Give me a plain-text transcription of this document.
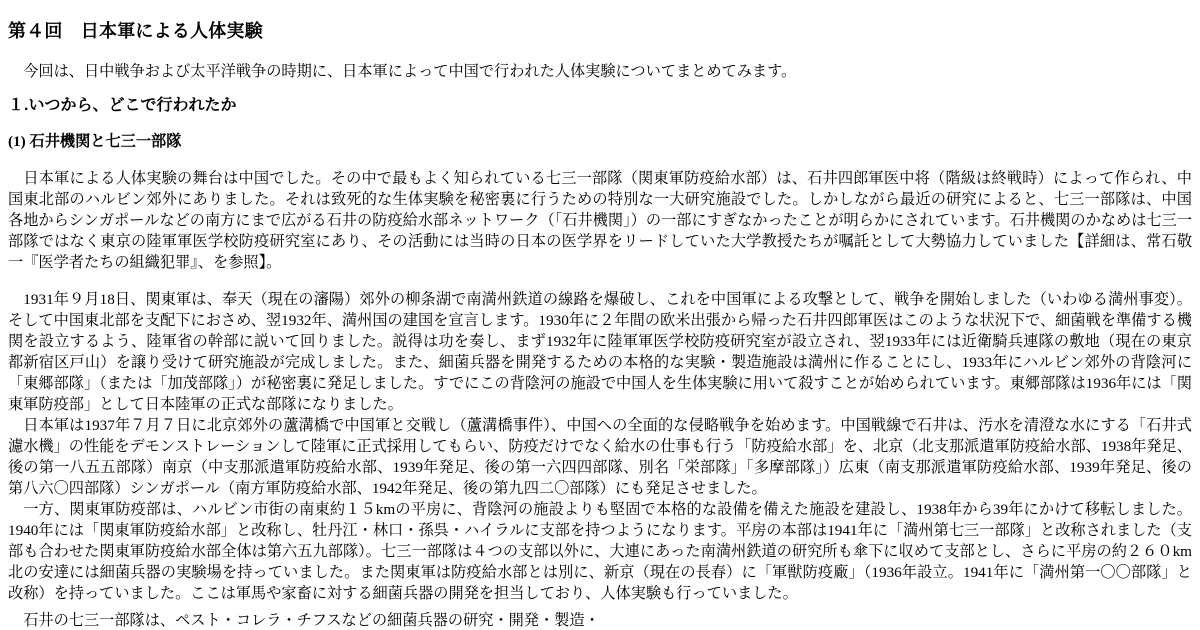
第４回　日本軍による人体実験

　今回は、日中戦争および太平洋戦争の時期に、日本軍によって中国で行われた人体実験についてまとめてみます。

１.いつから、どこで行われたか
(1) 石井機関と七三一部隊

　日本軍による人体実験の舞台は中国でした。その中で最もよく知られている七三一部隊（関東軍防疫給水部）は、石井四郎軍医中将（階級は終戦時）によって作られ、中国東北部のハルビン郊外にありました。それは致死的な生体実験を秘密裏に行うための特別な一大研究施設でした。しかしながら最近の研究によると、七三一部隊は、中国各地からシンガポールなどの南方にまで広がる石井の防疫給水部ネットワーク（「石井機関」）の一部にすぎなかったことが明らかにされています。石井機関のかなめは七三一部隊ではなく東京の陸軍軍医学校防疫研究室にあり、その活動には当時の日本の医学界をリードしていた大学教授たちが嘱託として大勢協力していました【詳細は、常石敬一『医学者たちの組織犯罪』、を参照】。

　1931年９月18日、関東軍は、奉天（現在の瀋陽）郊外の柳条湖で南満州鉄道の線路を爆破し、これを中国軍による攻撃として、戦争を開始しました（いわゆる満州事変）。そして中国東北部を支配下におさめ、翌1932年、満州国の建国を宣言します。1930年に２年間の欧米出張から帰った石井四郎軍医はこのような状況下で、細菌戦を準備する機関を設立するよう、陸軍省の幹部に説いて回りました。説得は功を奏し、まず1932年に陸軍軍医学校防疫研究室が設立され、翌1933年には近衛騎兵連隊の敷地（現在の東京都新宿区戸山）を譲り受けて研究施設が完成しました。また、細菌兵器を開発するための本格的な実験・製造施設は満州に作ることにし、1933年にハルビン郊外の背陰河に「東郷部隊」（または「加茂部隊」）が秘密裏に発足しました。すでにこの背陰河の施設で中国人を生体実験に用いて殺すことが始められています。東郷部隊は1936年には「関東軍防疫部」として日本陸軍の正式な部隊になりました。

　日本軍は1937年７月７日に北京郊外の蘆溝橋で中国軍と交戦し（蘆溝橋事件）、中国への全面的な侵略戦争を始めます。中国戦線で石井は、汚水を清澄な水にする「石井式濾水機」の性能をデモンストレーションして陸軍に正式採用してもらい、防疫だけでなく給水の仕事も行う「防疫給水部」を、北京（北支那派遣軍防疫給水部、1938年発足、後の第一八五五部隊）南京（中支那派遣軍防疫給水部、1939年発足、後の第一六四四部隊、別名「栄部隊」「多摩部隊」）広東（南支那派遣軍防疫給水部、1939年発足、後の第八六〇四部隊）シンガポール（南方軍防疫給水部、1942年発足、後の第九四二〇部隊）にも発足させました。

　一方、関東軍防疫部は、ハルビン市街の南東約１５kmの平房に、背陰河の施設よりも堅固で本格的な設備を備えた施設を建設し、1938年から39年にかけて移転しました。1940年には「関東軍防疫給水部」と改称し、牡丹江・林口・孫呉・ハイラルに支部を持つようになります。平房の本部は1941年に「満州第七三一部隊」と改称されました（支部も合わせた関東軍防疫給水部全体は第六五九部隊）。七三一部隊は４つの支部以外に、大連にあった南満州鉄道の研究所も傘下に収めて支部とし、さらに平房の約２６０km北の安達には細菌兵器の実験場を持っていました。また関東軍は防疫給水部とは別に、新京（現在の長春）に「軍獣防疫廠」（1936年設立。1941年に「満州第一〇〇部隊」と改称）を持っていました。ここは軍馬や家畜に対する細菌兵器の開発を担当しており、人体実験も行っていました。

　石井の七三一部隊は、ペスト・コレラ・チフスなどの細菌兵器の研究・開発・製造・
